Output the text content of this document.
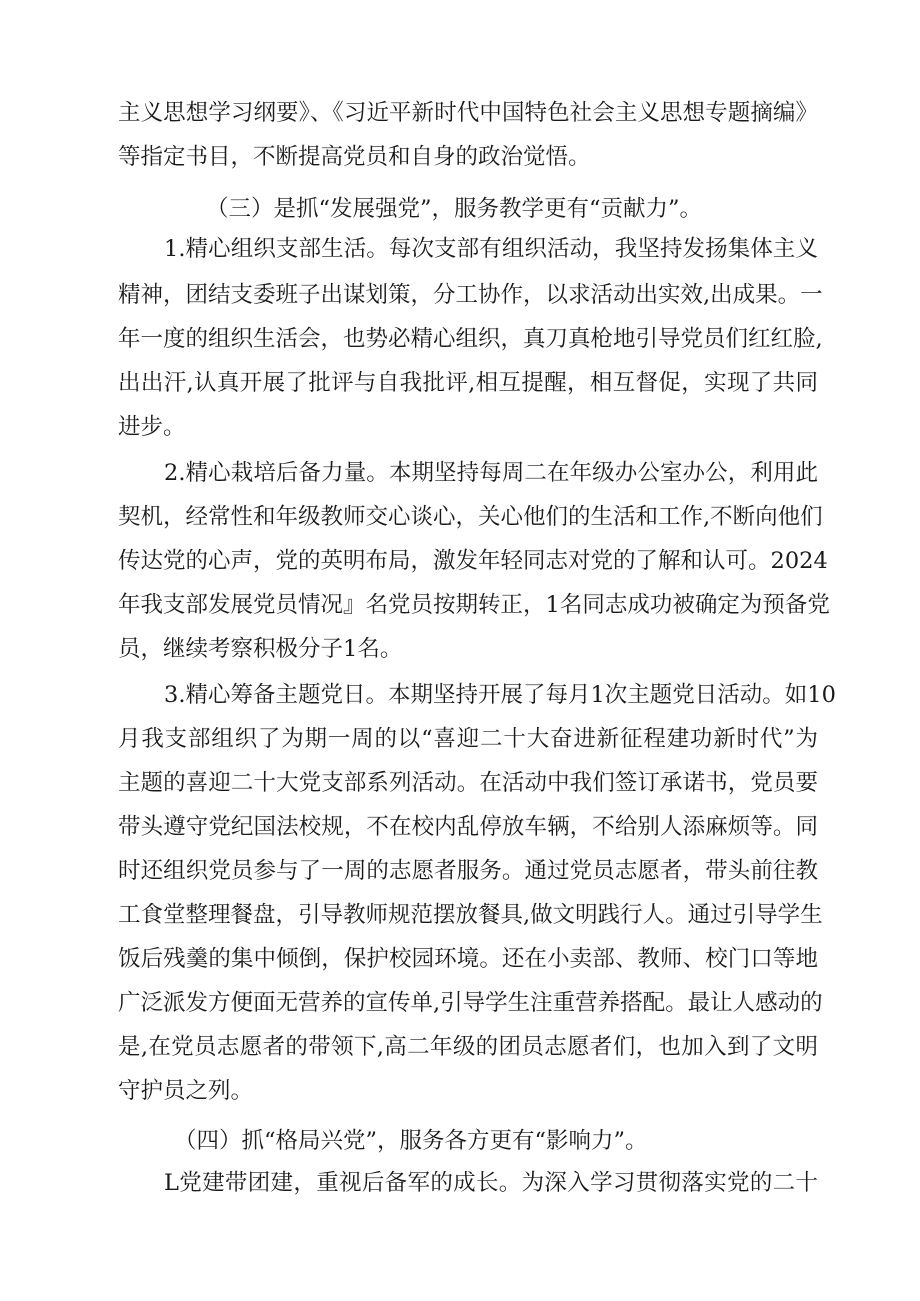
主义思想学习纲要》、《习近平新时代中国特色社会主义思想专题摘编》
等指定书目，不断提高党员和自身的政治觉悟。
（三）是抓“发展强党”，服务教学更有“贡献力”。
1.精心组织支部生活。每次支部有组织活动，我坚持发扬集体主义
精神，团结支委班子出谋划策，分工协作，以求活动出实效,出成果。一
年一度的组织生活会，也势必精心组织，真刀真枪地引导党员们红红脸,
出出汗,认真开展了批评与自我批评,相互提醒，相互督促，实现了共同
进步。
2.精心栽培后备力量。本期坚持每周二在年级办公室办公，利用此
契机，经常性和年级教师交心谈心，关心他们的生活和工作,不断向他们
传达党的心声，党的英明布局，激发年轻同志对党的了解和认可。2024
年我支部发展党员情况』名党员按期转正，1名同志成功被确定为预备党
员，继续考察积极分子1名。
3.精心筹备主题党日。本期坚持开展了每月1次主题党日活动。如10
月我支部组织了为期一周的以“喜迎二十大奋进新征程建功新时代”为
主题的喜迎二十大党支部系列活动。在活动中我们签订承诺书，党员要
带头遵守党纪国法校规，不在校内乱停放车辆，不给别人添麻烦等。同
时还组织党员参与了一周的志愿者服务。通过党员志愿者，带头前往教
工食堂整理餐盘，引导教师规范摆放餐具,做文明践行人。通过引导学生
饭后残羹的集中倾倒，保护校园环境。还在小卖部、教师、校门口等地
广泛派发方便面无营养的宣传单,引导学生注重营养搭配。最让人感动的
是,在党员志愿者的带领下,高二年级的团员志愿者们，也加入到了文明
守护员之列。
（四）抓“格局兴党”，服务各方更有“影响力”。
L党建带团建，重视后备军的成长。为深入学习贯彻落实党的二十
